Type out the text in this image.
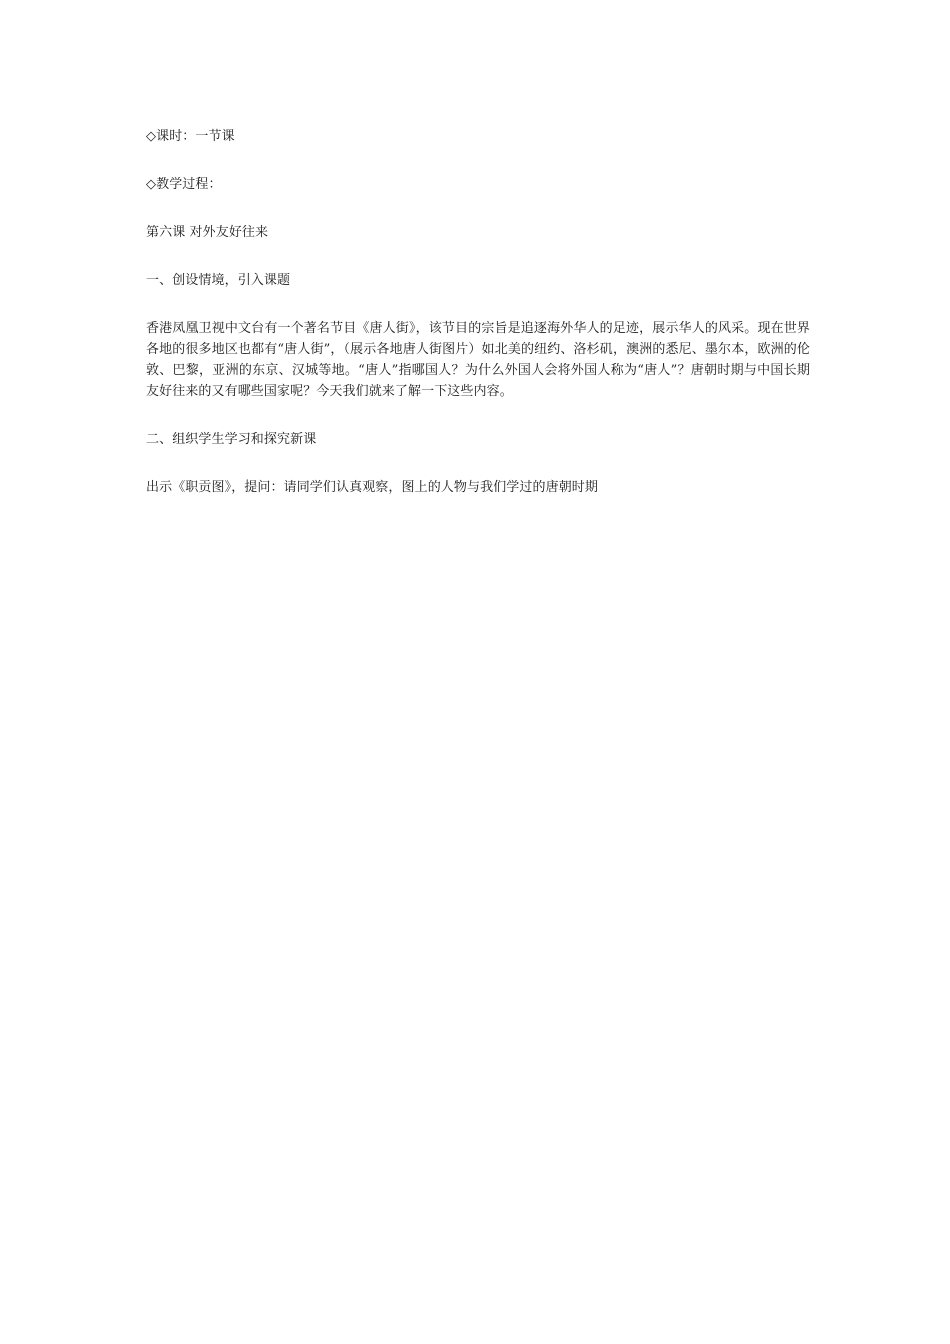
◇课时：一节课

◇教学过程：

第六课 对外友好往来

一、创设情境，引入课题

香港凤凰卫视中文台有一个著名节目《唐人街》，该节目的宗旨是追逐海外华人的足迹，展示华人的风采。现在世界各地的很多地区也都有“唐人街”，（展示各地唐人街图片）如北美的纽约、洛杉矶，澳洲的悉尼、墨尔本，欧洲的伦敦、巴黎，亚洲的东京、汉城等地。“唐人”指哪国人？为什么外国人会将外国人称为“唐人”？唐朝时期与中国长期友好往来的又有哪些国家呢？今天我们就来了解一下这些内容。

二、组织学生学习和探究新课

出示《职贡图》，提问：请同学们认真观察，图上的人物与我们学过的唐朝时期
